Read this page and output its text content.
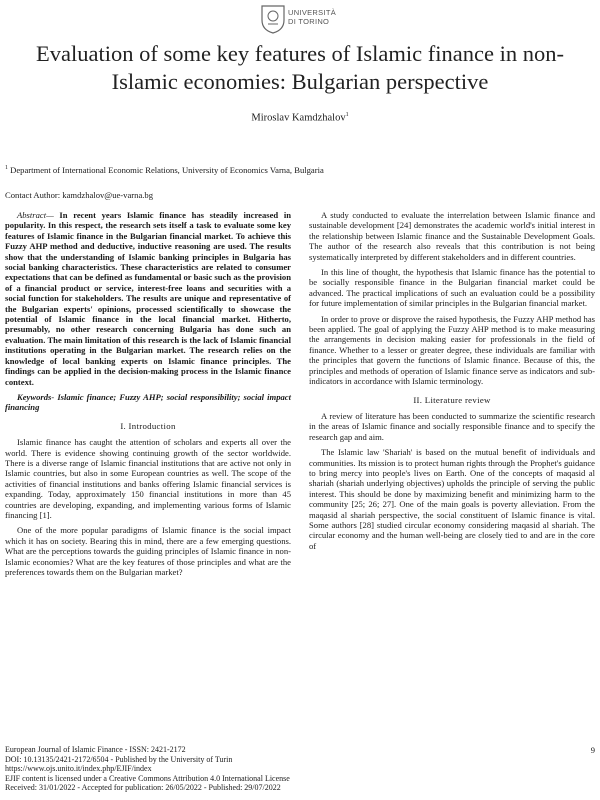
UNIVERSITÀ
DI TORINO
Evaluation of some key features of Islamic finance in non-Islamic economies: Bulgarian perspective
Miroslav Kamdzhalov$^1$
$^1$ Department of International Economic Relations, University of Economics Varna, Bulgaria
Contact Author: kamdzhalov@ue-varna.bg

Abstract— In recent years Islamic finance has steadily increased in popularity. In this respect, the research sets itself a task to evaluate some key features of Islamic finance in the Bulgarian financial market. To achieve this Fuzzy AHP method and deductive, inductive reasoning are used. The results show that the understanding of Islamic banking principles in Bulgaria has social banking characteristics. These characteristics are related to consumer expectations that can be defined as fundamental or basic such as the provision of a financial product or service, interest-free loans and securities with a social function for stakeholders. The results are unique and representative of the Bulgarian experts' opinions, processed scientifically to showcase the potential of Islamic finance in the local financial market. Hitherto, presumably, no other research concerning Bulgaria has done such an evaluation. The main limitation of this research is the lack of Islamic financial institutions operating in the Bulgarian market. The research relies on the knowledge of local banking experts on Islamic finance principles. The findings can be applied in the decision-making process in the Islamic finance context.

Keywords- Islamic finance; Fuzzy AHP; social responsibility; social impact financing

I. Introduction

Islamic finance has caught the attention of scholars and experts all over the world. There is evidence showing continuing growth of the sector worldwide. There is a diverse range of Islamic financial institutions that are active not only in Islamic countries, but also in some European countries as well. The scope of the activities of financial institutions and banks offering Islamic financial services is expanding. Today, approximately 150 financial institutions in more than 45 countries are developing, expanding, and implementing various forms of Islamic financing [1].

One of the more popular paradigms of Islamic finance is the social impact which it has on society. Bearing this in mind, there are a few emerging questions. What are the perceptions towards the guiding principles of Islamic finance in non-Islamic economies? What are the key features of those principles and what are the preferences towards them on the Bulgarian market?

A study conducted to evaluate the interrelation between Islamic finance and sustainable development [24] demonstrates the academic world's initial interest in the relationship between Islamic finance and the Sustainable Development Goals. The author of the research also reveals that this contribution is not being systematically interpreted by different stakeholders and in different countries.

In this line of thought, the hypothesis that Islamic finance has the potential to be socially responsible finance in the Bulgarian financial market could be advanced. The practical implications of such an evaluation could be a possibility for future implementation of similar principles in the Bulgarian financial market.

In order to prove or disprove the raised hypothesis, the Fuzzy AHP method has been applied. The goal of applying the Fuzzy AHP method is to make measuring the arrangements in decision making easier for professionals in the field of finance. Whether to a lesser or greater degree, these individuals are familiar with the principles that govern the functions of Islamic finance. Because of this, the principles and methods of operation of Islamic finance serve as indicators and sub-indicators in accordance with Islamic terminology.

II. Literature review

A review of literature has been conducted to summarize the scientific research in the areas of Islamic finance and socially responsible finance and to specify the research gap and aim.

The Islamic law 'Shariah' is based on the mutual benefit of individuals and communities. Its mission is to protect human rights through the Prophet's guidance to bring mercy into people's lives on Earth. One of the concepts of maqasid al shariah (shariah underlying objectives) upholds the principle of serving the public interest. This should be done by maximizing benefit and minimizing harm to the community [25; 26; 27]. One of the main goals is poverty alleviation. From the maqasid al shariah perspective, the social constituent of Islamic finance is vital. Some authors [28] studied circular economy considering maqasid al shariah. The circular economy and the human well-being are closely tied to and are in the core of

European Journal of Islamic Finance - ISSN: 2421-2172
DOI: 10.13135/2421-2172/6504 - Published by the University of Turin
https://www.ojs.unito.it/index.php/EJIF/index
EJIF content is licensed under a Creative Commons Attribution 4.0 International License
Received: 31/01/2022 - Accepted for publication: 26/05/2022 - Published: 29/07/2022
9
